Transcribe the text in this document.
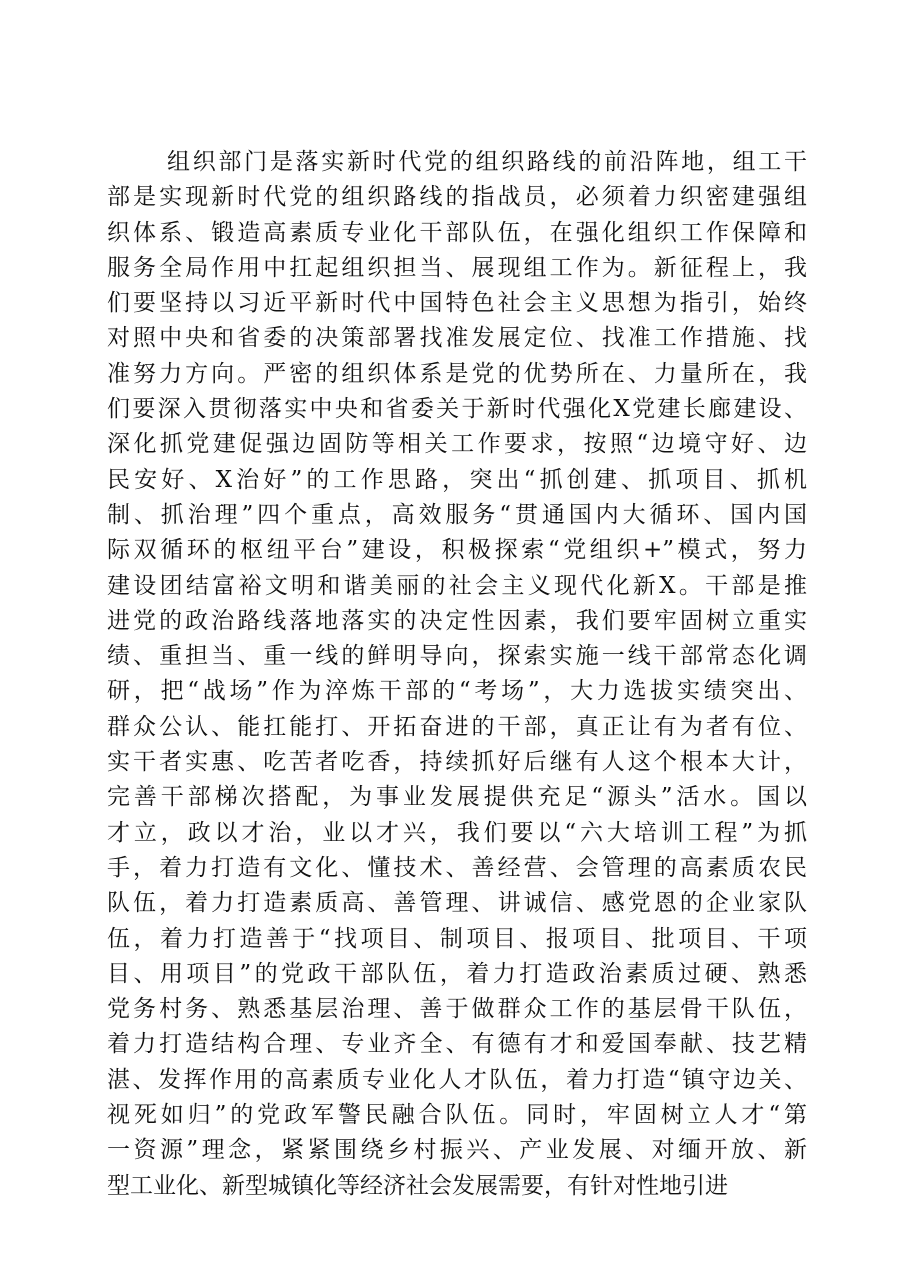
组织部门是落实新时代党的组织路线的前沿阵地，组工干
部是实现新时代党的组织路线的指战员，必须着力织密建强组
织体系、锻造高素质专业化干部队伍，在强化组织工作保障和
服务全局作用中扛起组织担当、展现组工作为。新征程上，我
们要坚持以习近平新时代中国特色社会主义思想为指引，始终
对照中央和省委的决策部署找准发展定位、找准工作措施、找
准努力方向。严密的组织体系是党的优势所在、力量所在，我
们要深入贯彻落实中央和省委关于新时代强化X党建长廊建设、
深化抓党建促强边固防等相关工作要求，按照“边境守好、边
民安好、X治好”的工作思路，突出“抓创建、抓项目、抓机
制、抓治理”四个重点，高效服务“贯通国内大循环、国内国
际双循环的枢纽平台”建设，积极探索“党组织+”模式，努力
建设团结富裕文明和谐美丽的社会主义现代化新X。干部是推
进党的政治路线落地落实的决定性因素，我们要牢固树立重实
绩、重担当、重一线的鲜明导向，探索实施一线干部常态化调
研，把“战场”作为淬炼干部的“考场”，大力选拔实绩突出、
群众公认、能扛能打、开拓奋进的干部，真正让有为者有位、
实干者实惠、吃苦者吃香，持续抓好后继有人这个根本大计，
完善干部梯次搭配，为事业发展提供充足“源头”活水。国以
才立，政以才治，业以才兴，我们要以“六大培训工程”为抓
手，着力打造有文化、懂技术、善经营、会管理的高素质农民
队伍，着力打造素质高、善管理、讲诚信、感党恩的企业家队
伍，着力打造善于“找项目、制项目、报项目、批项目、干项
目、用项目”的党政干部队伍，着力打造政治素质过硬、熟悉
党务村务、熟悉基层治理、善于做群众工作的基层骨干队伍，
着力打造结构合理、专业齐全、有德有才和爱国奉献、技艺精
湛、发挥作用的高素质专业化人才队伍，着力打造“镇守边关、
视死如归”的党政军警民融合队伍。同时，牢固树立人才“第
一资源”理念，紧紧围绕乡村振兴、产业发展、对缅开放、新
型工业化、新型城镇化等经济社会发展需要，有针对性地引进
